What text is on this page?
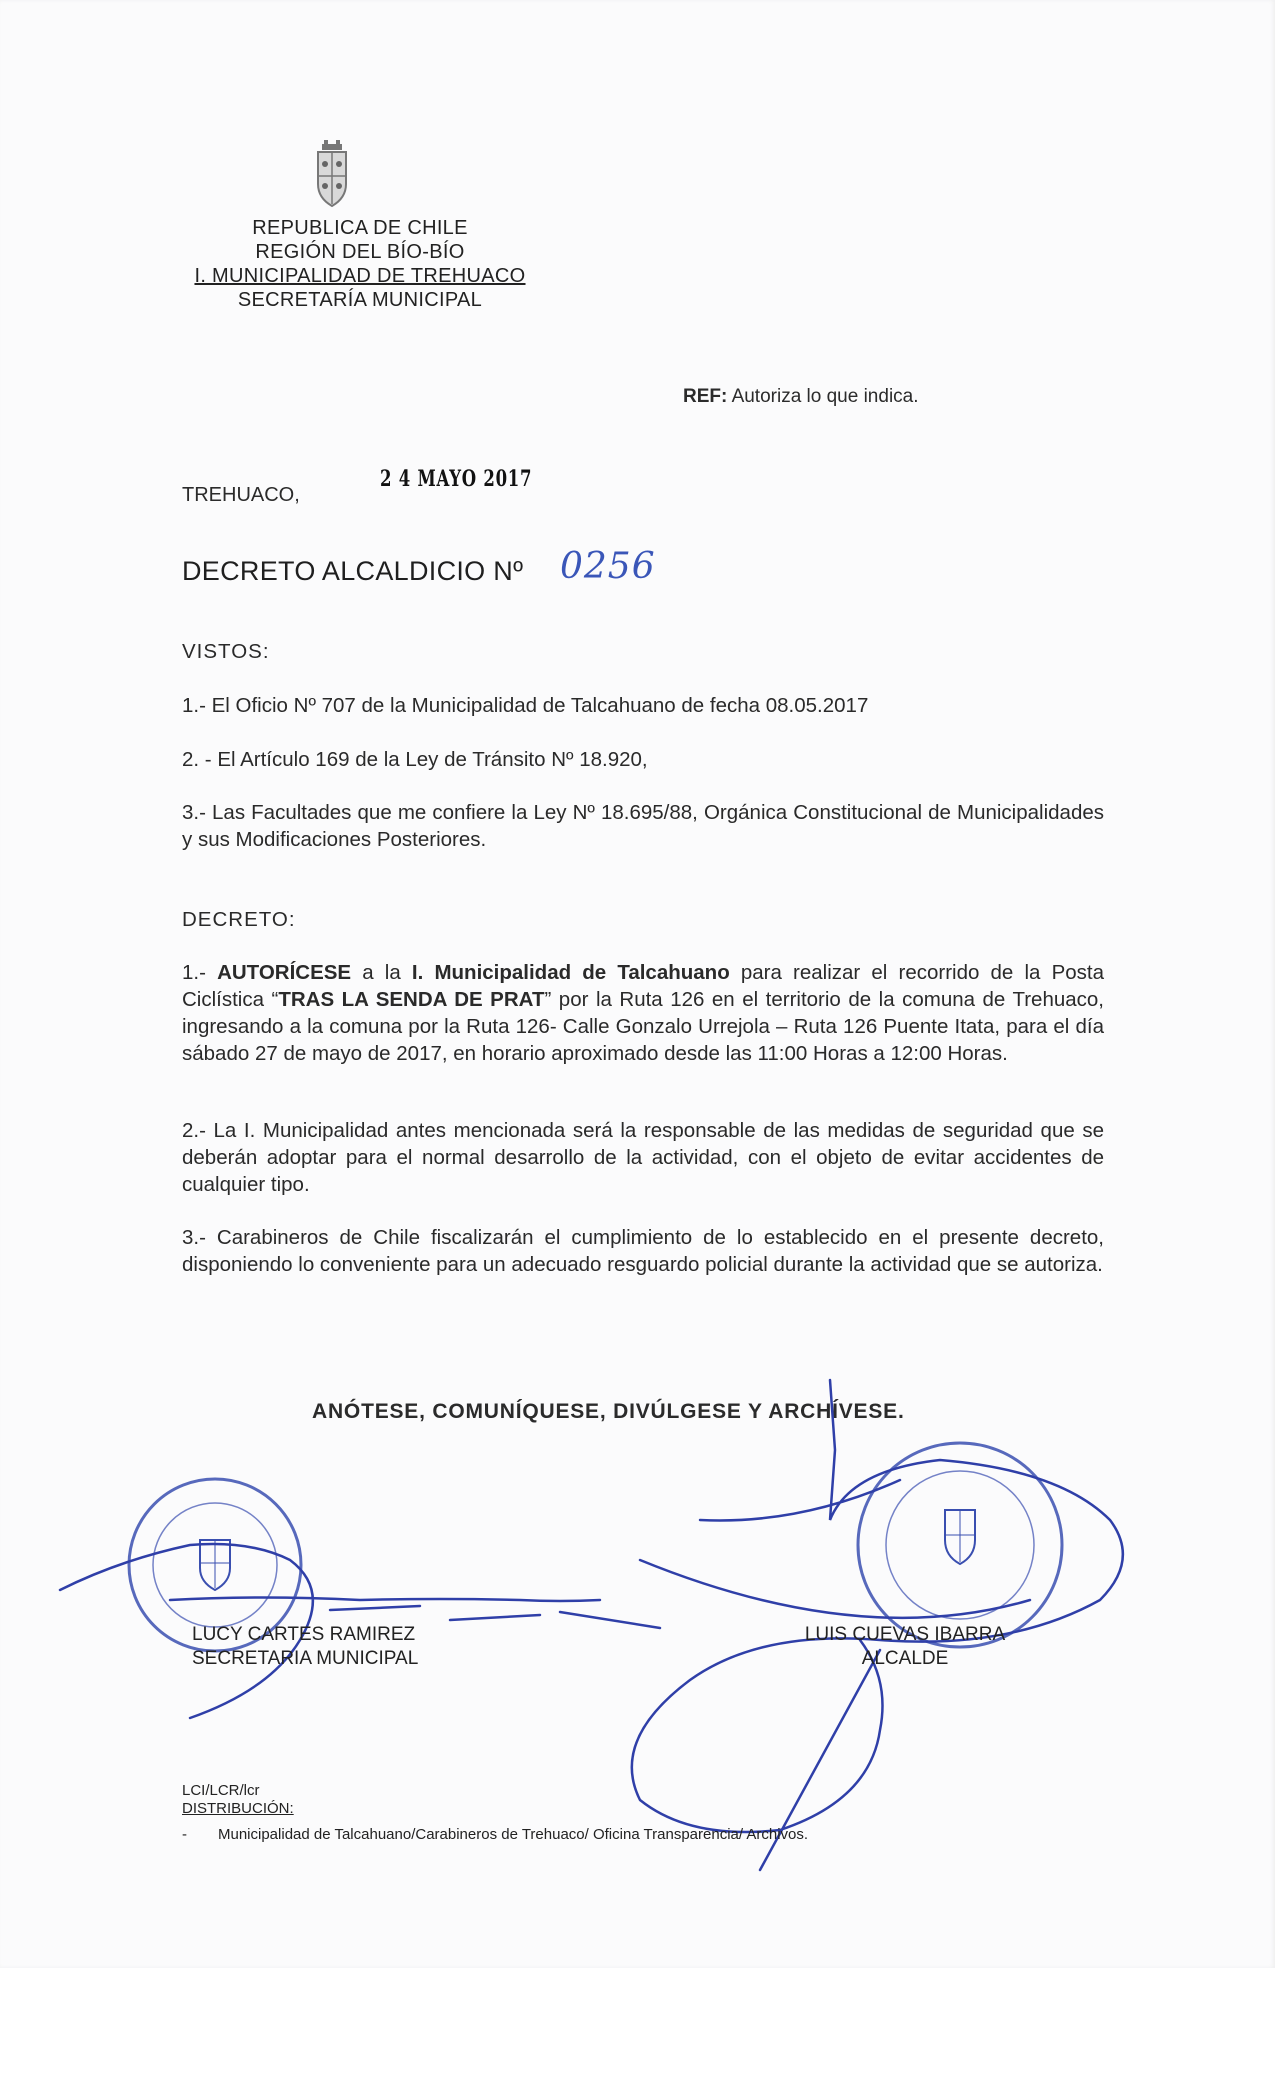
REPUBLICA DE CHILE
REGIÓN DEL BÍO-BÍO
I. MUNICIPALIDAD DE TREHUACO
SECRETARÍA MUNICIPAL
REF: Autoriza lo que indica.
TREHUACO,
2 4 MAYO 2017
DECRETO ALCALDICIO Nº 0256
VISTOS:
1.- El Oficio Nº 707 de la Municipalidad de Talcahuano de fecha 08.05.2017
2. - El Artículo 169 de la Ley de Tránsito Nº 18.920,
3.- Las Facultades que me confiere la Ley Nº 18.695/88, Orgánica Constitucional de Municipalidades y sus Modificaciones Posteriores.
DECRETO:
1.- AUTORÍCESE a la I. Municipalidad de Talcahuano para realizar el recorrido de la Posta Ciclística “TRAS LA SENDA DE PRAT” por la Ruta 126 en el territorio de la comuna de Trehuaco, ingresando a la comuna por la Ruta 126- Calle Gonzalo Urrejola – Ruta 126 Puente Itata, para el día sábado 27 de mayo de 2017, en horario aproximado desde las 11:00 Horas a 12:00 Horas.
2.- La I. Municipalidad antes mencionada será la responsable de las medidas de seguridad que se deberán adoptar para el normal desarrollo de la actividad, con el objeto de evitar accidentes de cualquier tipo.
3.- Carabineros de Chile fiscalizarán el cumplimiento de lo establecido en el presente decreto, disponiendo lo conveniente para un adecuado resguardo policial durante la actividad que se autoriza.
ANÓTESE, COMUNÍQUESE, DIVÚLGESE Y ARCHÍVESE.
LUCY CARTES RAMIREZ
SECRETARIA MUNICIPAL
LUIS CUEVAS IBARRA
ALCALDE
LCI/LCR/lcr
DISTRIBUCIÓN:
- Municipalidad de Talcahuano/Carabineros de Trehuaco/ Oficina Transparencia/ Archivos.
